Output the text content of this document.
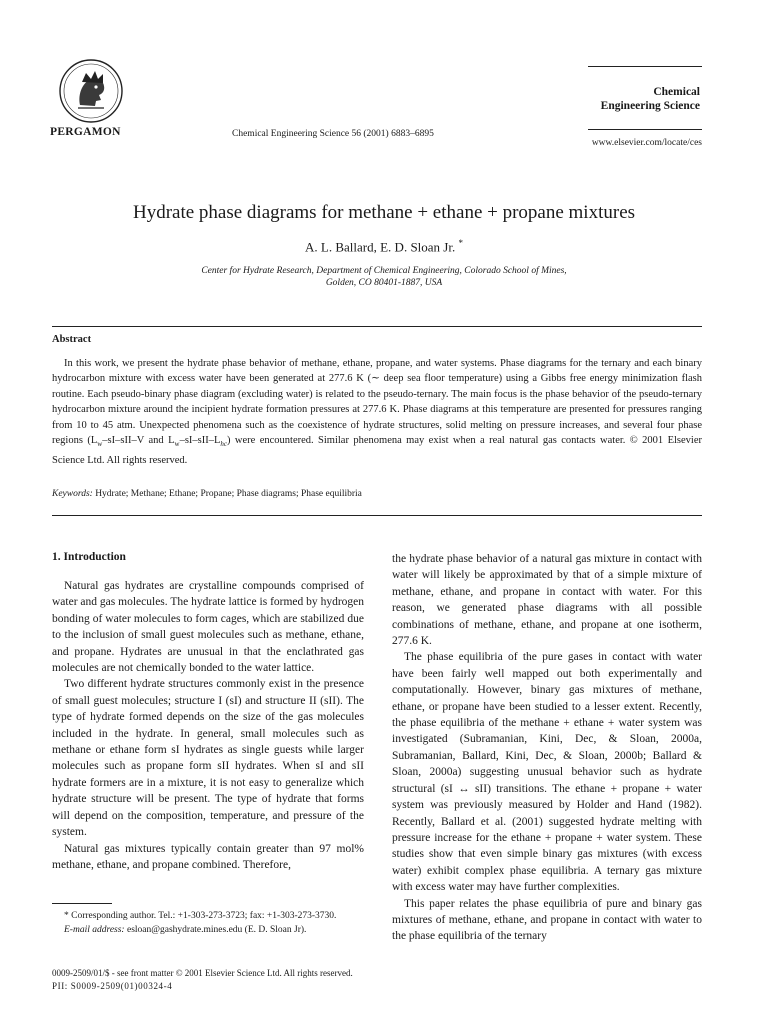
PERGAMON	Chemical Engineering Science 56 (2001) 6883–6895
Chemical
Engineering Science
www.elsevier.com/locate/ces
Hydrate phase diagrams for methane + ethane + propane mixtures
A. L. Ballard, E. D. Sloan Jr. *
Center for Hydrate Research, Department of Chemical Engineering, Colorado School of Mines,
Golden, CO 80401-1887, USA
Abstract
In this work, we present the hydrate phase behavior of methane, ethane, propane, and water systems. Phase diagrams for the ternary and each binary hydrocarbon mixture with excess water have been generated at 277.6 K (∼ deep sea floor temperature) using a Gibbs free energy minimization flash routine. Each pseudo-binary phase diagram (excluding water) is related to the pseudo-ternary. The main focus is the phase behavior of the pseudo-ternary hydrocarbon mixture around the incipient hydrate formation pressures at 277.6 K. Phase diagrams at this temperature are presented for pressures ranging from 10 to 45 atm. Unexpected phenomena such as the coexistence of hydrate structures, solid melting on pressure increases, and several four phase regions ($L_w-sI-sII-V$ and $L_w-sI-sII-L_{hc}$) were encountered. Similar phenomena may exist when a real natural gas contacts water. © 2001 Elsevier Science Ltd. All rights reserved.
Keywords: Hydrate; Methane; Ethane; Propane; Phase diagrams; Phase equilibria
1. Introduction

Natural gas hydrates are crystalline compounds comprised of water and gas molecules. The hydrate lattice is formed by hydrogen bonding of water molecules to form cages, which are stabilized due to the inclusion of small guest molecules such as methane, ethane, and propane. Hydrates are unusual in that the enclathrated gas molecules are not chemically bonded to the water lattice.

Two different hydrate structures commonly exist in the presence of small guest molecules; structure I (sI) and structure II (sII). The type of hydrate formed depends on the size of the gas molecules included in the hydrate. In general, small molecules such as methane or ethane form sI hydrates as single guests while larger molecules such as propane form sII hydrates. When sI and sII hydrate formers are in a mixture, it is not easy to generalize which hydrate structure will be present. The type of hydrate that forms will depend on the composition, temperature, and pressure of the system.

Natural gas mixtures typically contain greater than 97 mol% methane, ethane, and propane combined. Therefore,

the hydrate phase behavior of a natural gas mixture in contact with water will likely be approximated by that of a simple mixture of methane, ethane, and propane in contact with water. For this reason, we generated phase diagrams with all possible combinations of methane, ethane, and propane at one isotherm, 277.6 K.

The phase equilibria of the pure gases in contact with water have been fairly well mapped out both experimentally and computationally. However, binary gas mixtures of methane, ethane, or propane have been studied to a lesser extent. Recently, the phase equilibria of the methane + ethane + water system was investigated (Subramanian, Kini, Dec, & Sloan, 2000a, Subramanian, Ballard, Kini, Dec, & Sloan, 2000b; Ballard & Sloan, 2000a) suggesting unusual behavior such as hydrate structural (sI ↔ sII) transitions. The ethane + propane + water system was previously measured by Holder and Hand (1982). Recently, Ballard et al. (2001) suggested hydrate melting with pressure increase for the ethane + propane + water system. These studies show that even simple binary gas mixtures (with excess water) exhibit complex phase equilibria. A ternary gas mixture with excess water may have further complexities.

This paper relates the phase equilibria of pure and binary gas mixtures of methane, ethane, and propane in contact with water to the phase equilibria of the ternary

* Corresponding author. Tel.: +1-303-273-3723; fax: +1-303-273-3730.
E-mail address: esloan@gashydrate.mines.edu (E. D. Sloan Jr).
0009-2509/01/$ - see front matter © 2001 Elsevier Science Ltd. All rights reserved.
PII: S0009-2509(01)00324-4
